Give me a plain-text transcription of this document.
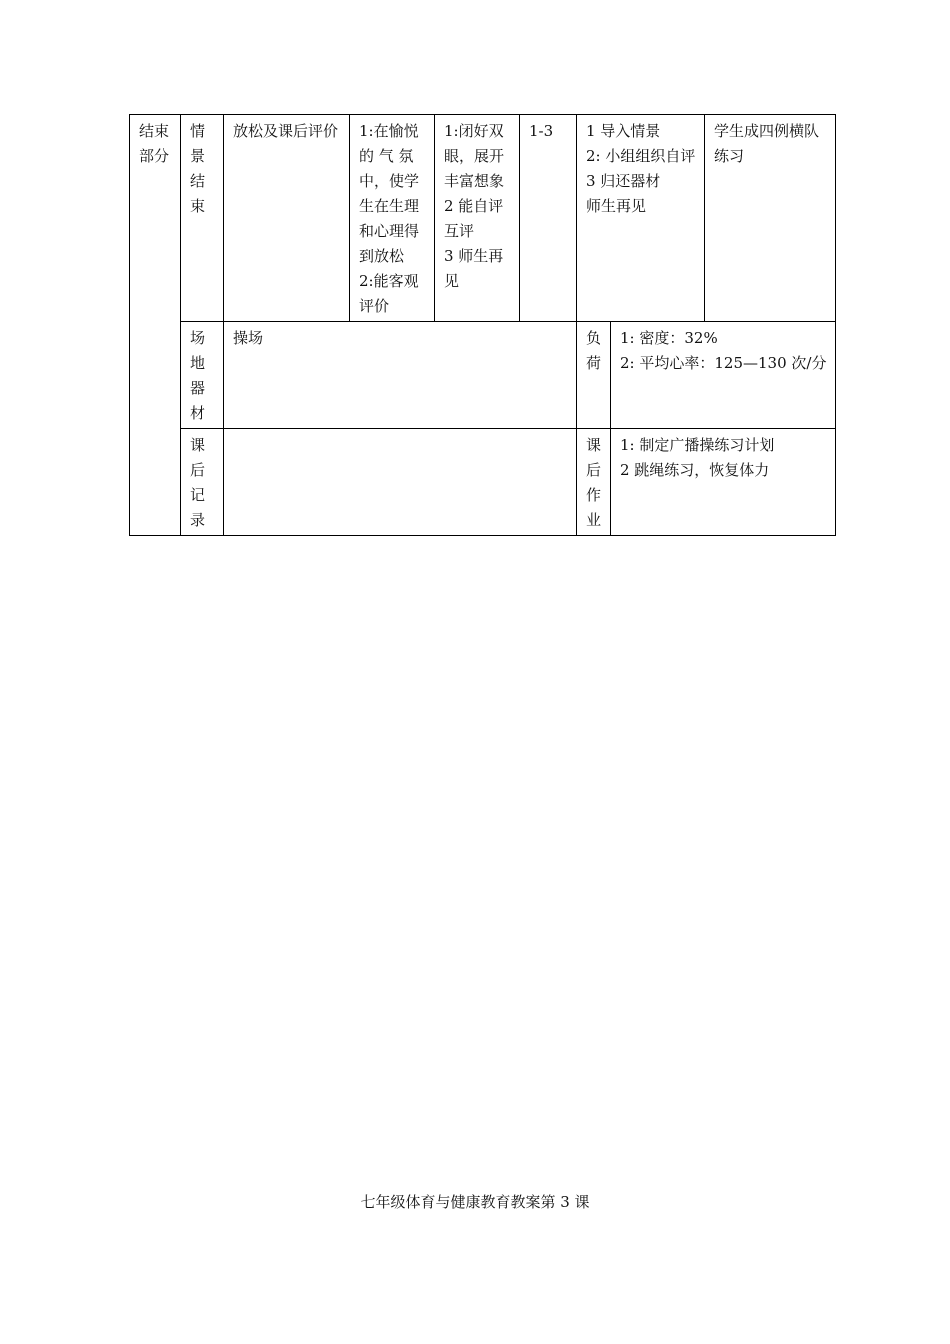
结束
部分	情
景
结
束	放松及课后评价	1:在愉悦的 气 氛中，使学生在生理和心理得到放松
2:能客观评价	1:闭好双眼，展开丰富想象
2 能自评互评
3 师生再见	1-3	1 导入情景
2: 小组组织自评
3 归还器材
师生再见		学生成四例横队练习

	场
地
器
材	操场				负
荷	1: 密度：32%
2: 平均心率：125—130 次/分	

	课
后
记
录					课
后
作
业	1: 制定广播操练习计划
2 跳绳练习，恢复体力	
七年级体育与健康教育教案第 3 课
